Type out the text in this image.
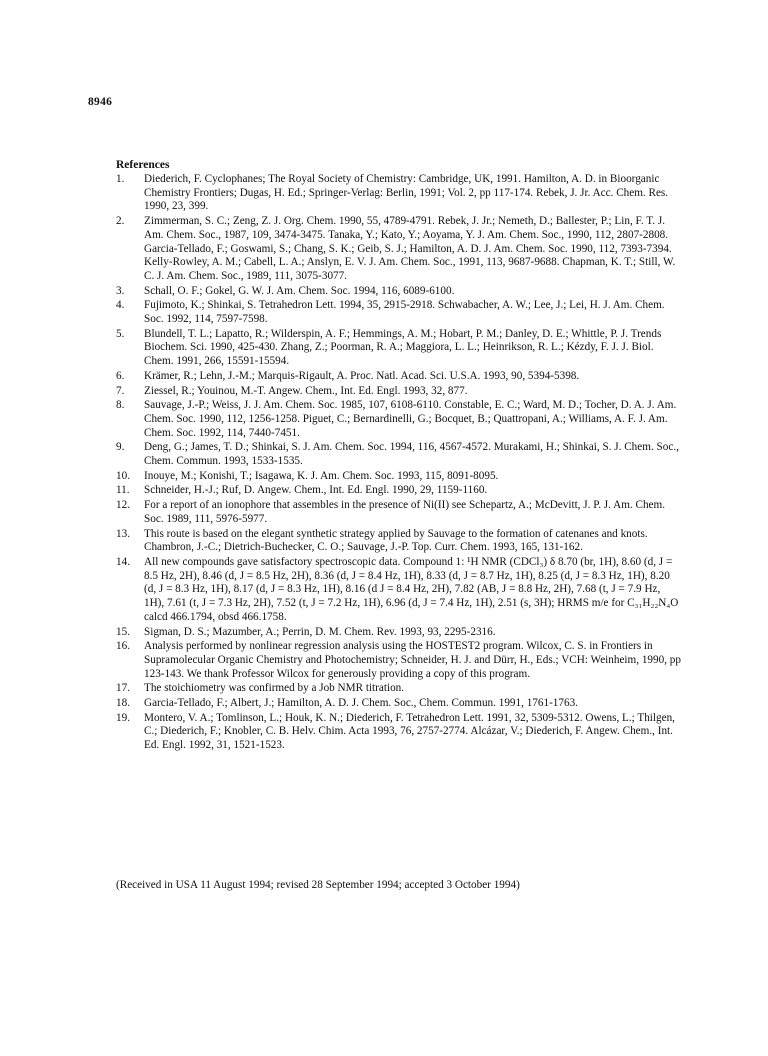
8946
References
1.	Diederich, F. Cyclophanes; The Royal Society of Chemistry: Cambridge, UK, 1991. Hamilton, A. D. in Bioorganic Chemistry Frontiers; Dugas, H. Ed.; Springer-Verlag: Berlin, 1991; Vol. 2, pp 117-174. Rebek, J. Jr. Acc. Chem. Res. 1990, 23, 399.
2.	Zimmerman, S. C.; Zeng, Z. J. Org. Chem. 1990, 55, 4789-4791. Rebek, J. Jr.; Nemeth, D.; Ballester, P.; Lin, F. T. J. Am. Chem. Soc., 1987, 109, 3474-3475. Tanaka, Y.; Kato, Y.; Aoyama, Y. J. Am. Chem. Soc., 1990, 112, 2807-2808. Garcia-Tellado, F.; Goswami, S.; Chang, S. K.; Geib, S. J.; Hamilton, A. D. J. Am. Chem. Soc. 1990, 112, 7393-7394. Kelly-Rowley, A. M.; Cabell, L. A.; Anslyn, E. V. J. Am. Chem. Soc., 1991, 113, 9687-9688. Chapman, K. T.; Still, W. C. J. Am. Chem. Soc., 1989, 111, 3075-3077.
3.	Schall, O. F.; Gokel, G. W. J. Am. Chem. Soc. 1994, 116, 6089-6100.
4.	Fujimoto, K.; Shinkai, S. Tetrahedron Lett. 1994, 35, 2915-2918. Schwabacher, A. W.; Lee, J.; Lei, H. J. Am. Chem. Soc. 1992, 114, 7597-7598.
5.	Blundell, T. L.; Lapatto, R.; Wilderspin, A. F.; Hemmings, A. M.; Hobart, P. M.; Danley, D. E.; Whittle, P. J. Trends Biochem. Sci. 1990, 425-430. Zhang, Z.; Poorman, R. A.; Maggiora, L. L.; Heinrikson, R. L.; Kézdy, F. J. J. Biol. Chem. 1991, 266, 15591-15594.
6.	Krämer, R.; Lehn, J.-M.; Marquis-Rigault, A. Proc. Natl. Acad. Sci. U.S.A. 1993, 90, 5394-5398.
7.	Ziessel, R.; Youinou, M.-T. Angew. Chem., Int. Ed. Engl. 1993, 32, 877.
8.	Sauvage, J.-P.; Weiss, J. J. Am. Chem. Soc. 1985, 107, 6108-6110. Constable, E. C.; Ward, M. D.; Tocher, D. A. J. Am. Chem. Soc. 1990, 112, 1256-1258. Piguet, C.; Bernardinelli, G.; Bocquet, B.; Quattropani, A.; Williams, A. F. J. Am. Chem. Soc. 1992, 114, 7440-7451.
9.	Deng, G.; James, T. D.; Shinkai, S. J. Am. Chem. Soc. 1994, 116, 4567-4572. Murakami, H.; Shinkai, S. J. Chem. Soc., Chem. Commun. 1993, 1533-1535.
10.	Inouye, M.; Konishi, T.; Isagawa, K. J. Am. Chem. Soc. 1993, 115, 8091-8095.
11.	Schneider, H.-J.; Ruf, D. Angew. Chem., Int. Ed. Engl. 1990, 29, 1159-1160.
12.	For a report of an ionophore that assembles in the presence of Ni(II) see Schepartz, A.; McDevitt, J. P. J. Am. Chem. Soc. 1989, 111, 5976-5977.
13.	This route is based on the elegant synthetic strategy applied by Sauvage to the formation of catenanes and knots. Chambron, J.-C.; Dietrich-Buchecker, C. O.; Sauvage, J.-P. Top. Curr. Chem. 1993, 165, 131-162.
14.	All new compounds gave satisfactory spectroscopic data. Compound 1: ¹H NMR (CDCl₃) δ 8.70 (br, 1H), 8.60 (d, J = 8.5 Hz, 2H), 8.46 (d, J = 8.5 Hz, 2H), 8.36 (d, J = 8.4 Hz, 1H), 8.33 (d, J = 8.7 Hz, 1H), 8.25 (d, J = 8.3 Hz, 1H), 8.20 (d, J = 8.3 Hz, 1H), 8.17 (d, J = 8.3 Hz, 1H), 8.16 (d J = 8.4 Hz, 2H), 7.82 (AB, J = 8.8 Hz, 2H), 7.68 (t, J = 7.9 Hz, 1H), 7.61 (t, J = 7.3 Hz, 2H), 7.52 (t, J = 7.2 Hz, 1H), 6.96 (d, J = 7.4 Hz, 1H), 2.51 (s, 3H); HRMS m/e for C₃₁H₂₂N₄O calcd 466.1794, obsd 466.1758.
15.	Sigman, D. S.; Mazumber, A.; Perrin, D. M. Chem. Rev. 1993, 93, 2295-2316.
16.	Analysis performed by nonlinear regression analysis using the HOSTEST2 program. Wilcox, C. S. in Frontiers in Supramolecular Organic Chemistry and Photochemistry; Schneider, H. J. and Dürr, H., Eds.; VCH: Weinheim, 1990, pp 123-143. We thank Professor Wilcox for generously providing a copy of this program.
17.	The stoichiometry was confirmed by a Job NMR titration.
18.	Garcia-Tellado, F.; Albert, J.; Hamilton, A. D. J. Chem. Soc., Chem. Commun. 1991, 1761-1763.
19.	Montero, V. A.; Tomlinson, L.; Houk, K. N.; Diederich, F. Tetrahedron Lett. 1991, 32, 5309-5312. Owens, L.; Thilgen, C.; Diederich, F.; Knobler, C. B. Helv. Chim. Acta 1993, 76, 2757-2774. Alcázar, V.; Diederich, F. Angew. Chem., Int. Ed. Engl. 1992, 31, 1521-1523.
(Received in USA 11 August 1994; revised 28 September 1994; accepted 3 October 1994)
